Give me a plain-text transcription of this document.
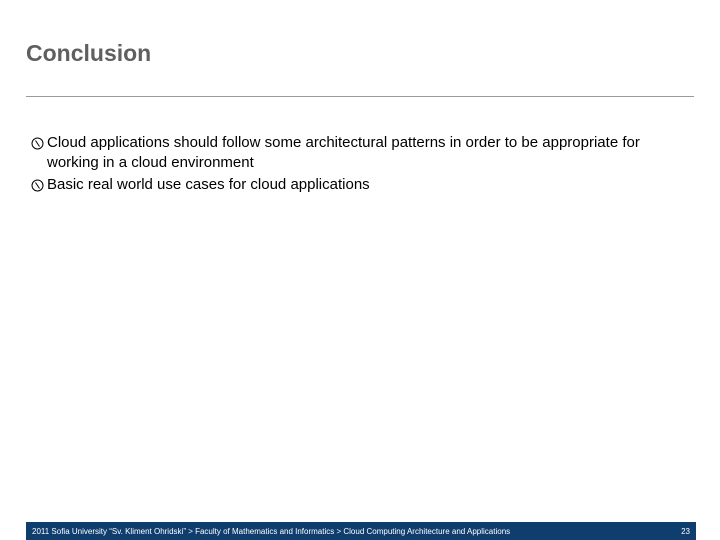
Conclusion
Cloud applications should follow some architectural patterns in order to be appropriate for working in a cloud environment
Basic real world use cases for cloud applications
2011 Sofia University “Sv. Kliment Ohridski” > Faculty of Mathematics and Informatics > Cloud Computing Architecture and Applications	23
